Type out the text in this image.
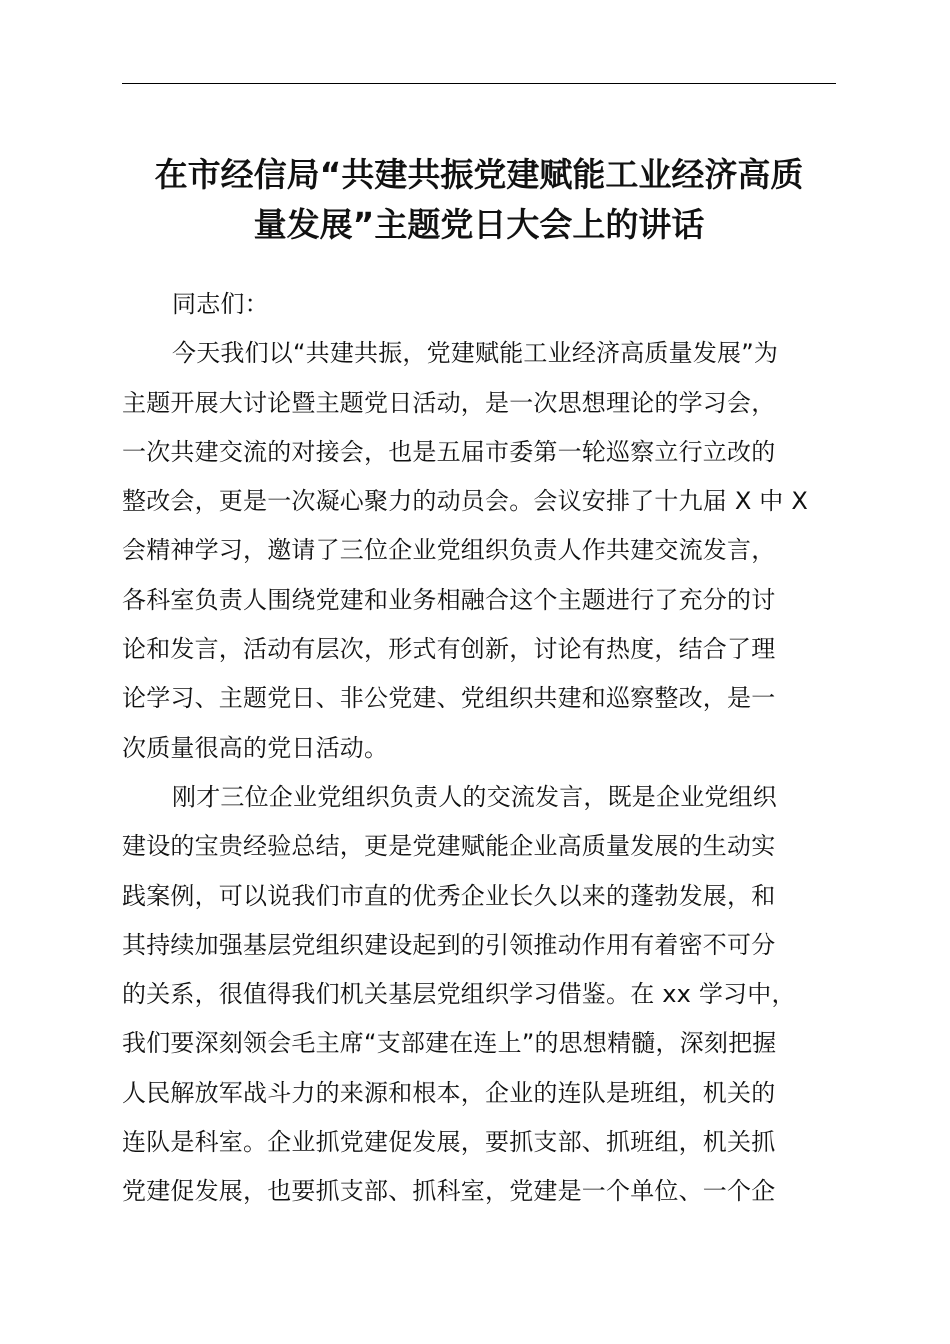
在市经信局“共建共振党建赋能工业经济高质
量发展”主题党日大会上的讲话
同志们：
今天我们以“共建共振，党建赋能工业经济高质量发展”为
主题开展大讨论暨主题党日活动，是一次思想理论的学习会，
一次共建交流的对接会，也是五届市委第一轮巡察立行立改的
整改会，更是一次凝心聚力的动员会。会议安排了十九届 X 中 X
会精神学习，邀请了三位企业党组织负责人作共建交流发言，
各科室负责人围绕党建和业务相融合这个主题进行了充分的讨
论和发言，活动有层次，形式有创新，讨论有热度，结合了理
论学习、主题党日、非公党建、党组织共建和巡察整改，是一
次质量很高的党日活动。
刚才三位企业党组织负责人的交流发言，既是企业党组织
建设的宝贵经验总结，更是党建赋能企业高质量发展的生动实
践案例，可以说我们市直的优秀企业长久以来的蓬勃发展，和
其持续加强基层党组织建设起到的引领推动作用有着密不可分
的关系，很值得我们机关基层党组织学习借鉴。在 xx 学习中，
我们要深刻领会毛主席“支部建在连上”的思想精髓，深刻把握
人民解放军战斗力的来源和根本，企业的连队是班组，机关的
连队是科室。企业抓党建促发展，要抓支部、抓班组，机关抓
党建促发展，也要抓支部、抓科室，党建是一个单位、一个企
